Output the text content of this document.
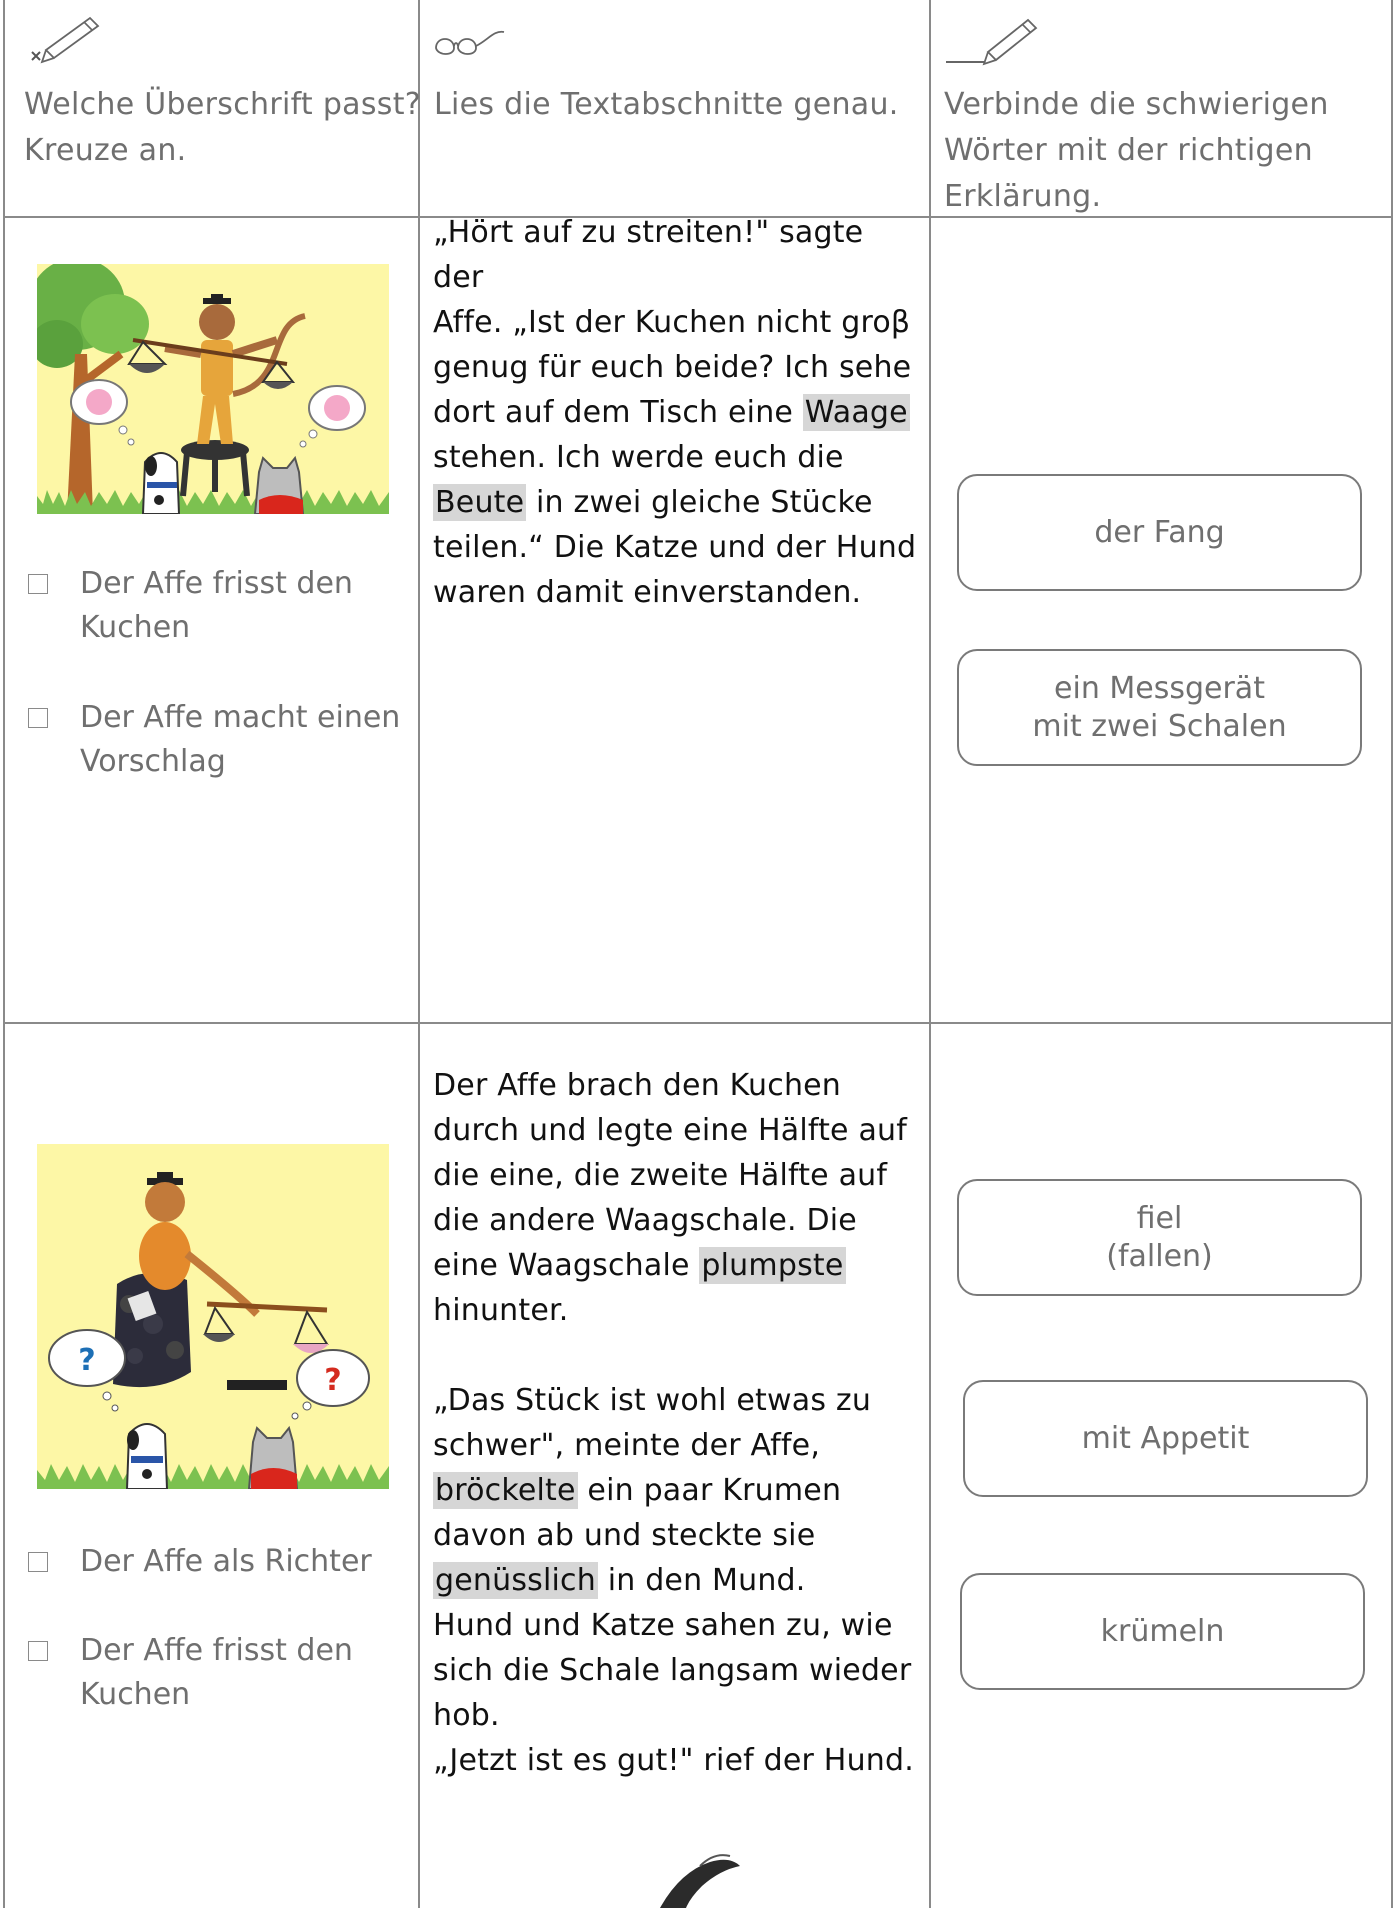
Welche Überschrift passt?
Kreuze an.
Lies die Textabschnitte genau. Verbinde die schwierigen
Wörter mit der richtigen
Erklärung.
Der Affe frisst den
Kuchen
Der Affe macht einen
Vorschlag

„Hört auf zu streiten!" sagte der

Affe. „Ist der Kuchen nicht groβ

genug für euch beide? Ich sehe

dort auf dem Tisch eine Waage

stehen. Ich werde euch die

Beute in zwei gleiche Stücke

teilen.“ Die Katze und der Hund

waren damit einverstanden.

der Fang
ein Messgerät
mit zwei Schalen
?
?
Der Affe als Richter
Der Affe frisst den
Kuchen

Der Affe brach den Kuchen

durch und legte eine Hälfte auf

die eine, die zweite Hälfte auf

die andere Waagschale. Die

eine Waagschale plumpste

hinunter.

„Das Stück ist wohl etwas zu

schwer", meinte der Affe,

bröckelte ein paar Krumen

davon ab und steckte sie

genüsslich in den Mund.

Hund und Katze sahen zu, wie

sich die Schale langsam wieder

hob.

„Jetzt ist es gut!" rief der Hund.

fiel
(fallen)
mit Appetit
krümeln
